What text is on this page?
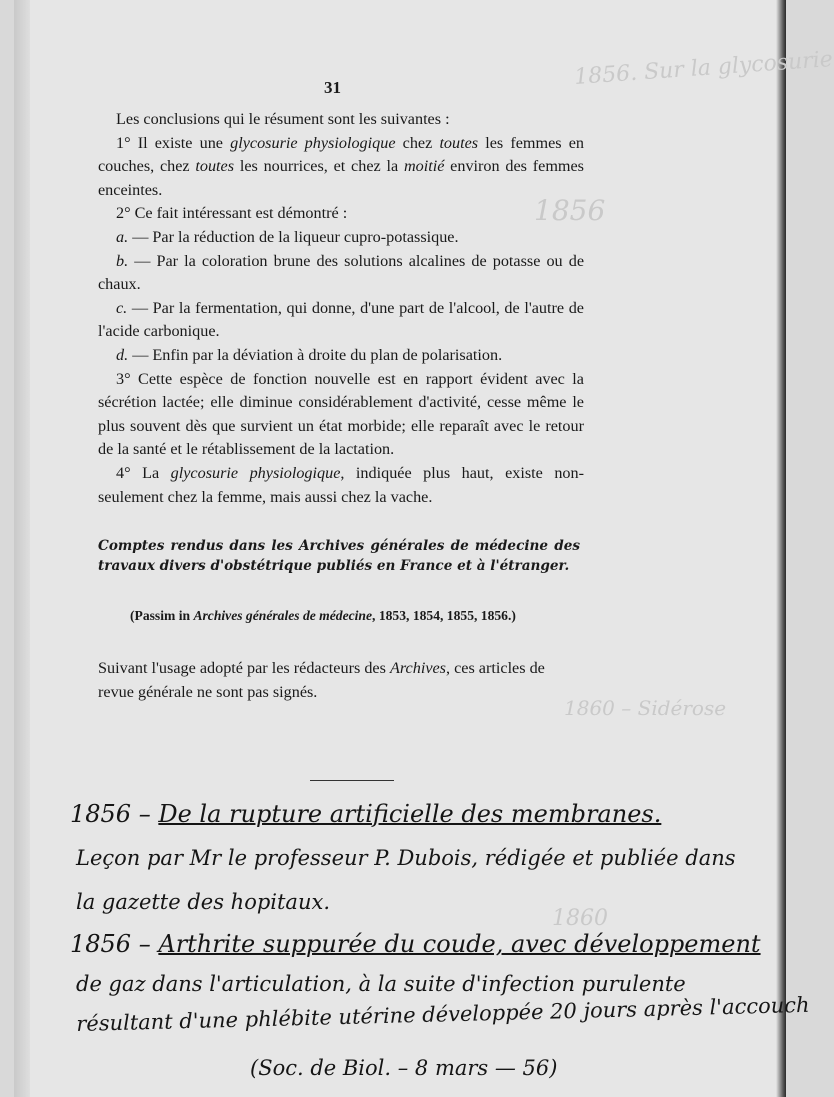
1856. Sur la glycosurie
1856
1860 – Sidérose
1860
31

Les conclusions qui le résument sont les suivantes :

1° Il existe une glycosurie physiologique chez toutes les femmes en couches, chez toutes les nourrices, et chez la moitié environ des femmes enceintes.

2° Ce fait intéressant est démontré :

a. — Par la réduction de la liqueur cupro-potassique.

b. — Par la coloration brune des solutions alcalines de potasse ou de chaux.

c. — Par la fermentation, qui donne, d'une part de l'alcool, de l'autre de l'acide carbonique.

d. — Enfin par la déviation à droite du plan de polarisation.

3° Cette espèce de fonction nouvelle est en rapport évident avec la sécrétion lactée; elle diminue considérablement d'activité, cesse même le plus souvent dès que survient un état morbide; elle reparaît avec le retour de la santé et le rétablissement de la lactation.

4° La glycosurie physiologique, indiquée plus haut, existe non-seulement chez la femme, mais aussi chez la vache.

Comptes rendus dans les Archives générales de médecine des travaux divers d'obstétrique publiés en France et à l'étranger.
(Passim in Archives générales de médecine, 1853, 1854, 1855, 1856.)
Suivant l'usage adopté par les rédacteurs des Archives, ces articles de revue générale ne sont pas signés.
1856 – De la rupture artificielle des membranes.
Leçon par Mr le professeur P. Dubois, rédigée et publiée dans
la gazette des hopitaux.
1856 – Arthrite suppurée du coude, avec développement
de gaz dans l'articulation, à la suite d'infection purulente
résultant d'une phlébite utérine développée 20 jours après l'accouch
(Soc. de Biol. – 8 mars — 56)
